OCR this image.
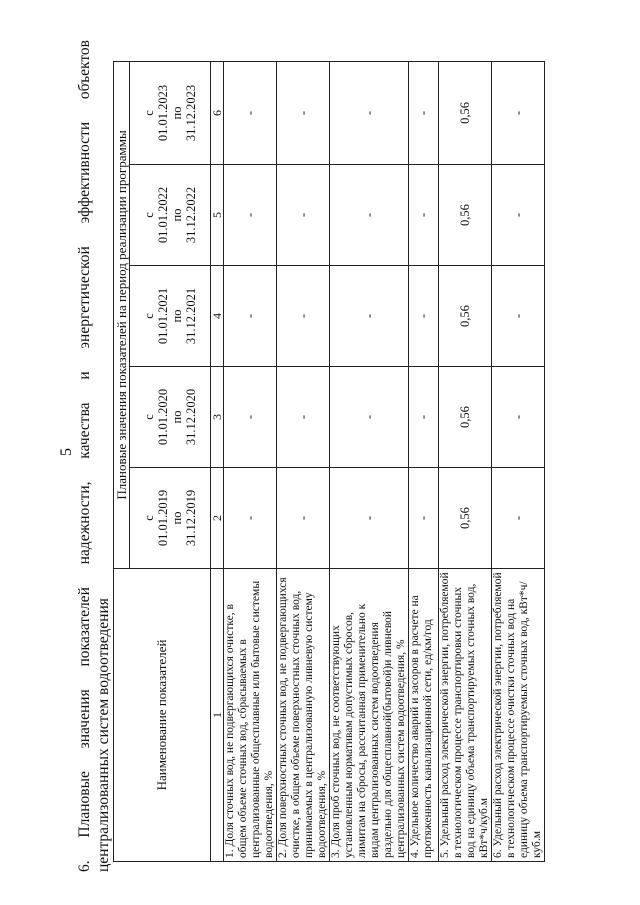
5 6. Плановые значения показателей надежности, качества и энергетической эффективности объектов централизованных систем водоотведения	Наименование показателей	Плановые значения показателей на период реализации программы				

	с
01.01.2019
по
31.12.2019	с
01.01.2020
по
31.12.2020	с
01.01.2021
по
31.12.2021	с
01.01.2022
по
31.12.2022	с
01.01.2023
по
31.12.2023

1	2	3	4	5	6
1. Доля сточных вод, не подвергающихся очистке, в общем объеме сточных вод, сбрасываемых в централизованные общесплавные или бытовые системы водоотведения, %	-	-	-	-	-
2. Доля поверхностных сточных вод, не подвергающихся очистке, в общем объеме поверхностных сточных вод, принимаемых в централизованную ливневую систему водоотведения, %	-	-	-	-	-
3. Доля проб сточных вод, не соответствующих установленным нормативам допустимых сбросов, лимитам на сбросы, рассчитанная применительно к видам централизованных систем водоотведения раздельно для общесплавной(бытовой)и ливневой централизованных систем водоотведения, %	-	-	-	-	-
4. Удельное количество аварий и засоров в расчете на протяженность канализационной сети, ед/км/год	-	-	-	-	-
5. Удельный расход электрической энергии, потребляемой в технологическом процессе транспортировки сточных вод на единицу объема транспортируемых сточных вод, кВт*ч/куб.м	0,56	0,56	0,56	0,56	0,56
6. Удельный расход электрической энергии, потребляемой в технологическом процессе очистки сточных вод на единицу объема транспортируемых сточных вод, кВт*ч/куб.м	-	-	-	-	-
